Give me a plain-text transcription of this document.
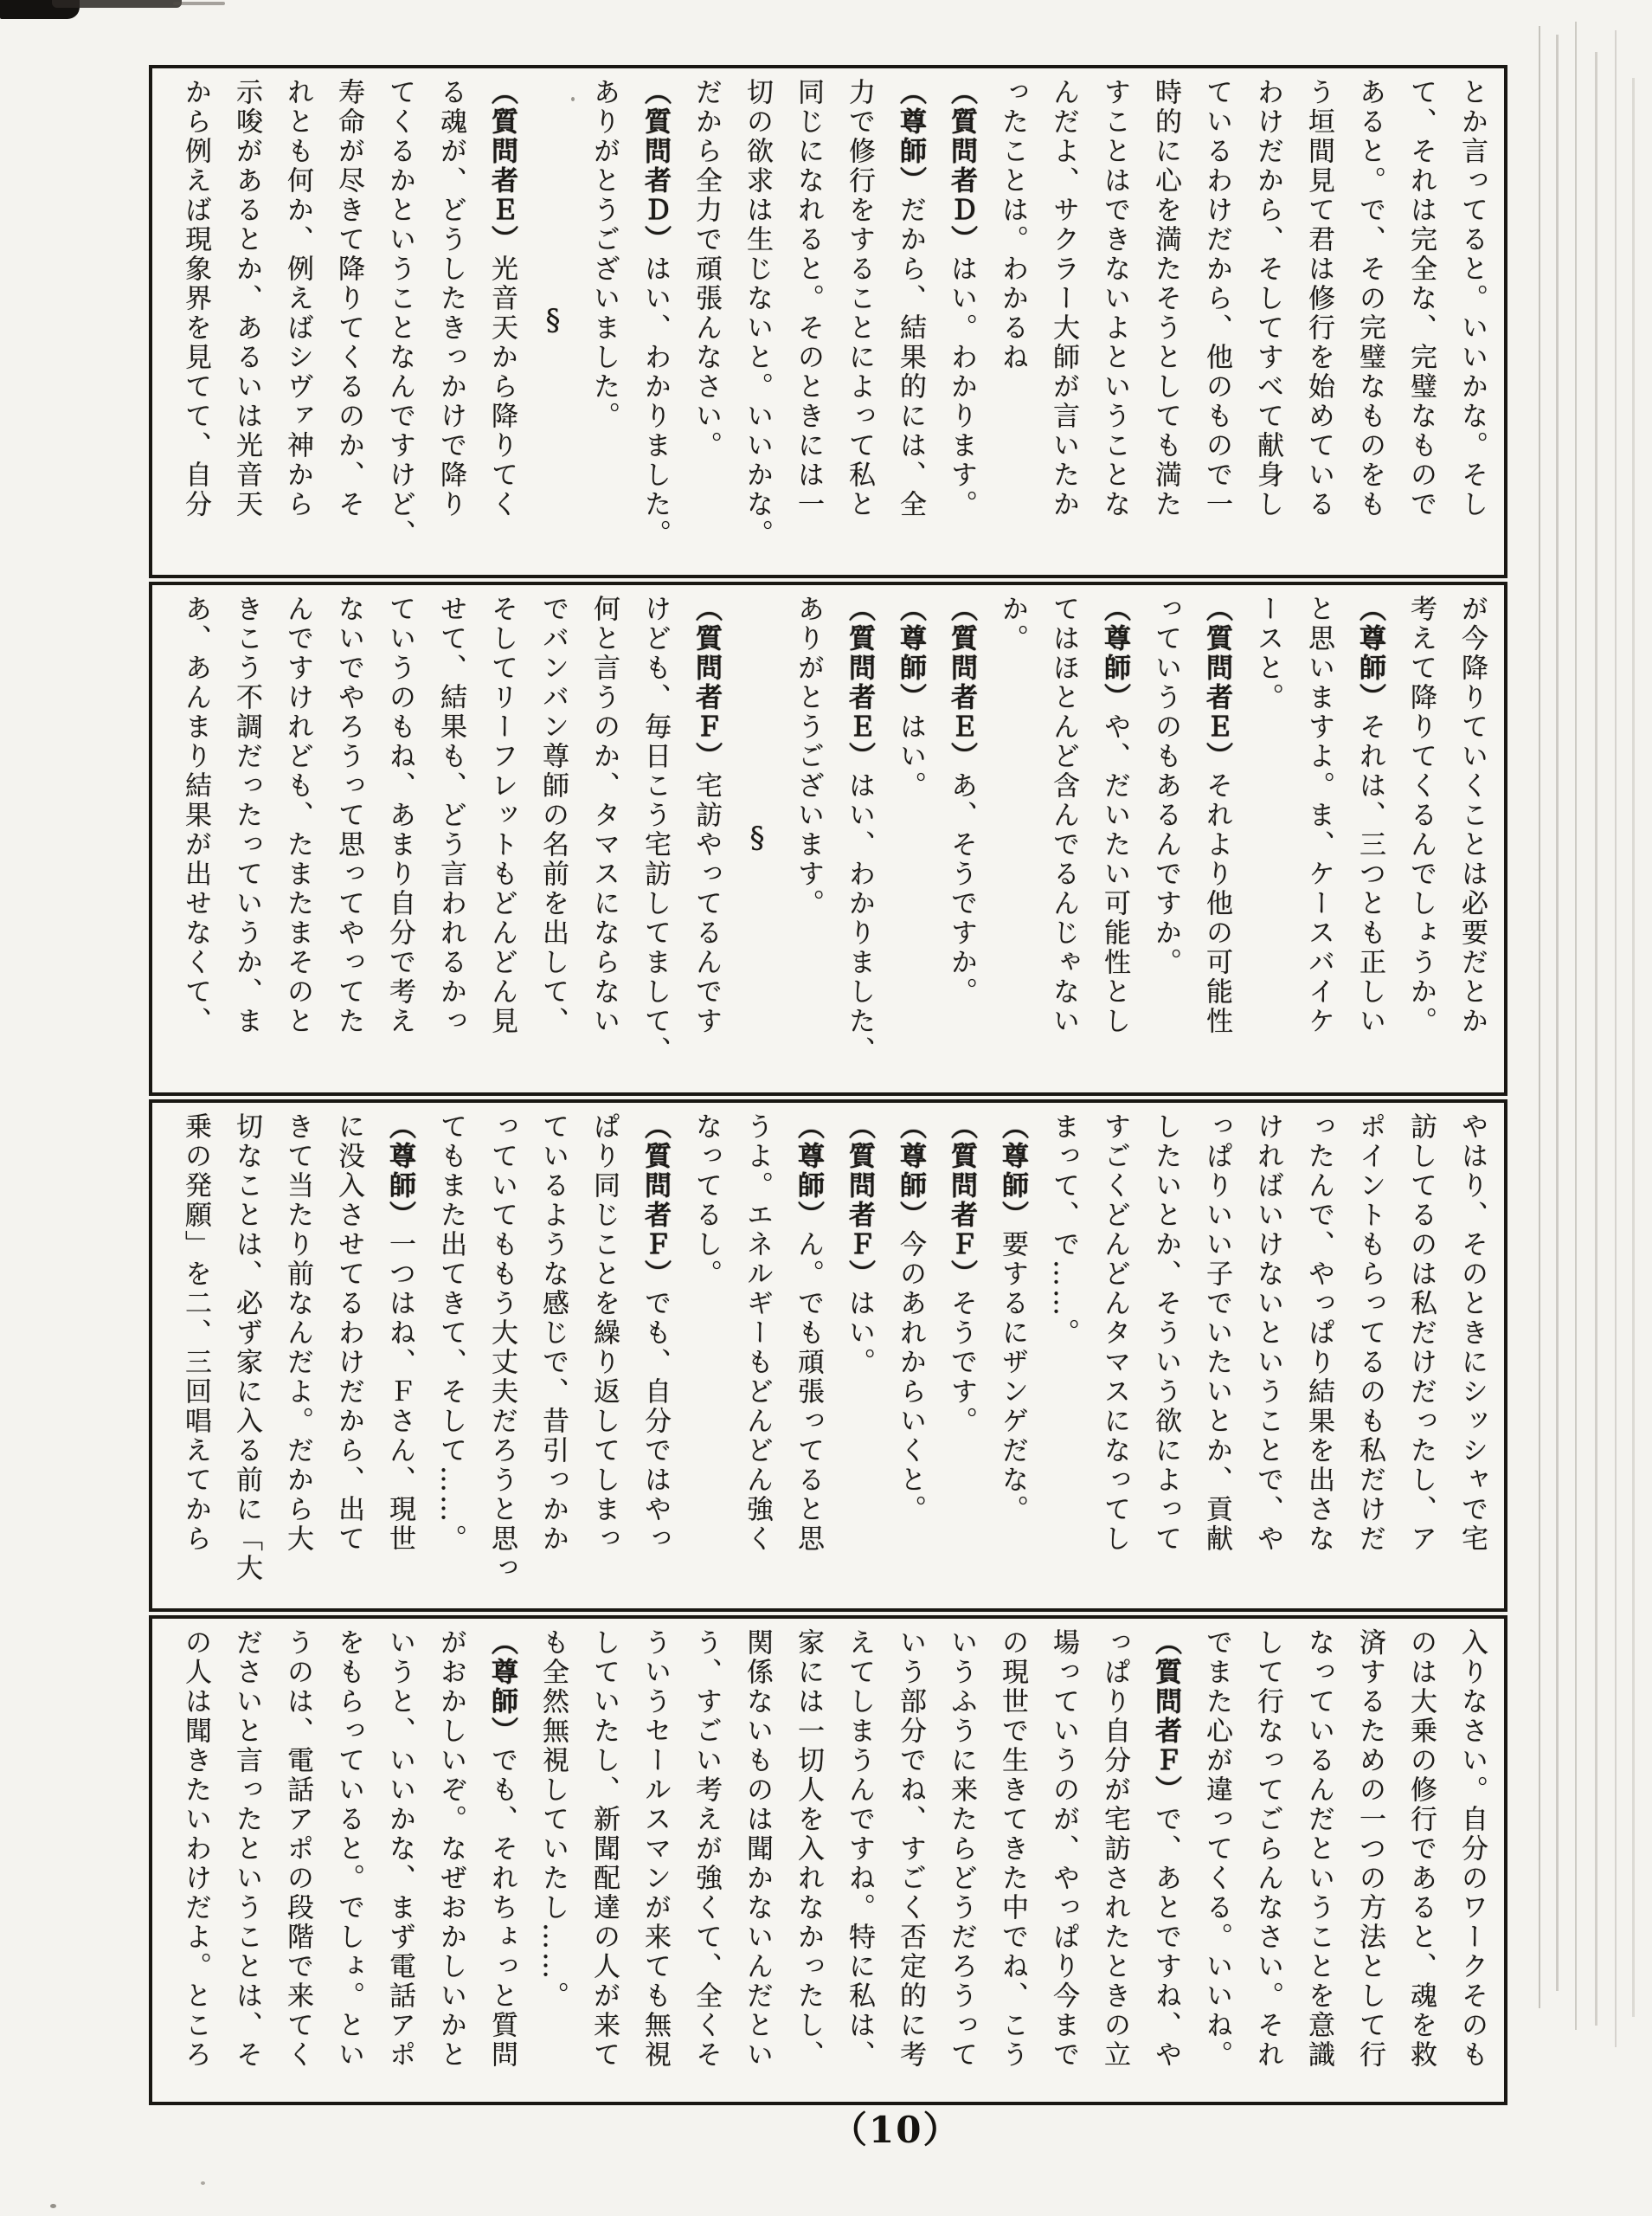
とか言ってると。いいかな。そし

て、それは完全な、完璧なもので

あると。で、その完璧なものをも

う垣間見て君は修行を始めている

わけだから、そしてすべて献身し

ているわけだから、他のもので一

時的に心を満たそうとしても満た

すことはできないよということな

んだよ、サクラー大師が言いたか

ったことは。わかるね

（質問者Ｄ）はい。わかります。

（尊師）だから、結果的には、全

力で修行をすることによって私と

同じになれると。そのときには一

切の欲求は生じないと。いいかな。

だから全力で頑張んなさい。

（質問者Ｄ）はい、わかりました。

ありがとうございました。

§

（質問者Ｅ）光音天から降りてく

る魂が、どうしたきっかけで降り

てくるかということなんですけど、

寿命が尽きて降りてくるのか、そ

れとも何か、例えばシヴァ神から

示唆があるとか、あるいは光音天

から例えば現象界を見てて、自分

が今降りていくことは必要だとか

考えて降りてくるんでしょうか。

（尊師）それは、三つとも正しい

と思いますよ。ま、ケースバイケ

ースと。

（質問者Ｅ）それより他の可能性

っていうのもあるんですか。

（尊師）や、だいたい可能性とし

てはほとんど含んでるんじゃない

か。

（質問者Ｅ）あ、そうですか。

（尊師）はい。

（質問者Ｅ）はい、わかりました、

ありがとうございます。

§

（質問者Ｆ）宅訪やってるんです

けども、毎日こう宅訪してまして、

何と言うのか、タマスにならない

でバンバン尊師の名前を出して、

そしてリーフレットもどんどん見

せて、結果も、どう言われるかっ

ていうのもね、あまり自分で考え

ないでやろうって思ってやってた

んですけれども、たまたまそのと

きこう不調だったっていうか、ま

あ、あんまり結果が出せなくて、

やはり、そのときにシッシャで宅

訪してるのは私だけだったし、ア

ポイントもらってるのも私だけだ

ったんで、やっぱり結果を出さな

ければいけないということで、や

っぱりいい子でいたいとか、貢献

したいとか、そういう欲によって

すごくどんどんタマスになってし

まって、で……。

（尊師）要するにザンゲだな。

（質問者Ｆ）そうです。

（尊師）今のあれからいくと。

（質問者Ｆ）はい。

（尊師）ん。でも頑張ってると思

うよ。エネルギーもどんどん強く

なってるし。

（質問者Ｆ）でも、自分ではやっ

ぱり同じことを繰り返してしまっ

ているような感じで、昔引っかか

っていてももう大丈夫だろうと思っ

てもまた出てきて、そして……。

（尊師）一つはね、Ｆさん、現世

に没入させてるわけだから、出て

きて当たり前なんだよ。だから大

切なことは、必ず家に入る前に「大

乗の発願」を二、三回唱えてから

入りなさい。自分のワークそのも

のは大乗の修行であると、魂を救

済するための一つの方法として行

なっているんだということを意識

して行なってごらんなさい。それ

でまた心が違ってくる。いいね。

（質問者Ｆ）で、あとですね、や

っぱり自分が宅訪されたときの立

場っていうのが、やっぱり今まで

の現世で生きてきた中でね、こう

いうふうに来たらどうだろうって

いう部分でね、すごく否定的に考

えてしまうんですね。特に私は、

家には一切人を入れなかったし、

関係ないものは聞かないんだとい

う、すごい考えが強くて、全くそ

ういうセールスマンが来ても無視

していたし、新聞配達の人が来て

も全然無視していたし……。

（尊師）でも、それちょっと質問

がおかしいぞ。なぜおかしいかと

いうと、いいかな、まず電話アポ

をもらっていると。でしょ。とい

うのは、電話アポの段階で来てく

ださいと言ったということは、そ

の人は聞きたいわけだよ。ところ

（10）
